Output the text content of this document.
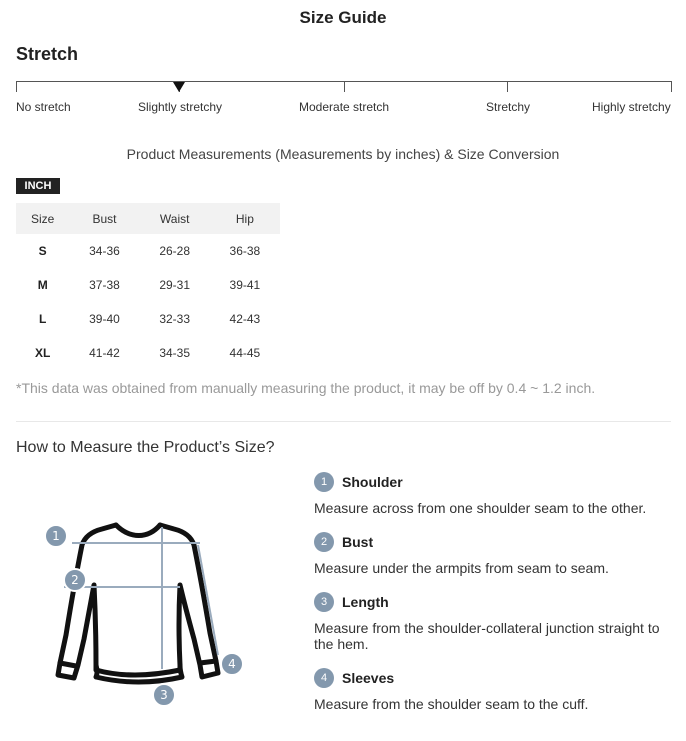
Size Guide
Stretch
No stretch	Slightly stretchy	Moderate stretch	Stretchy	Highly stretchy
Product Measurements (Measurements by inches) & Size Conversion
INCH
Size	Bust	Waist	Hip
S	34-36	26-28	36-38
M	37-38	29-31	39-41
L	39-40	32-33	42-43
XL	41-42	34-35	44-45
*This data was obtained from manually measuring the product, it may be off by 0.4 ~ 1.2 inch.
How to Measure the Product’s Size?
1
2
3
4
1	Shoulder
Measure across from one shoulder seam to the other.
2	Bust
Measure under the armpits from seam to seam.
3	Length
Measure from the shoulder-collateral junction straight to the hem.
4	Sleeves
Measure from the shoulder seam to the cuff.
